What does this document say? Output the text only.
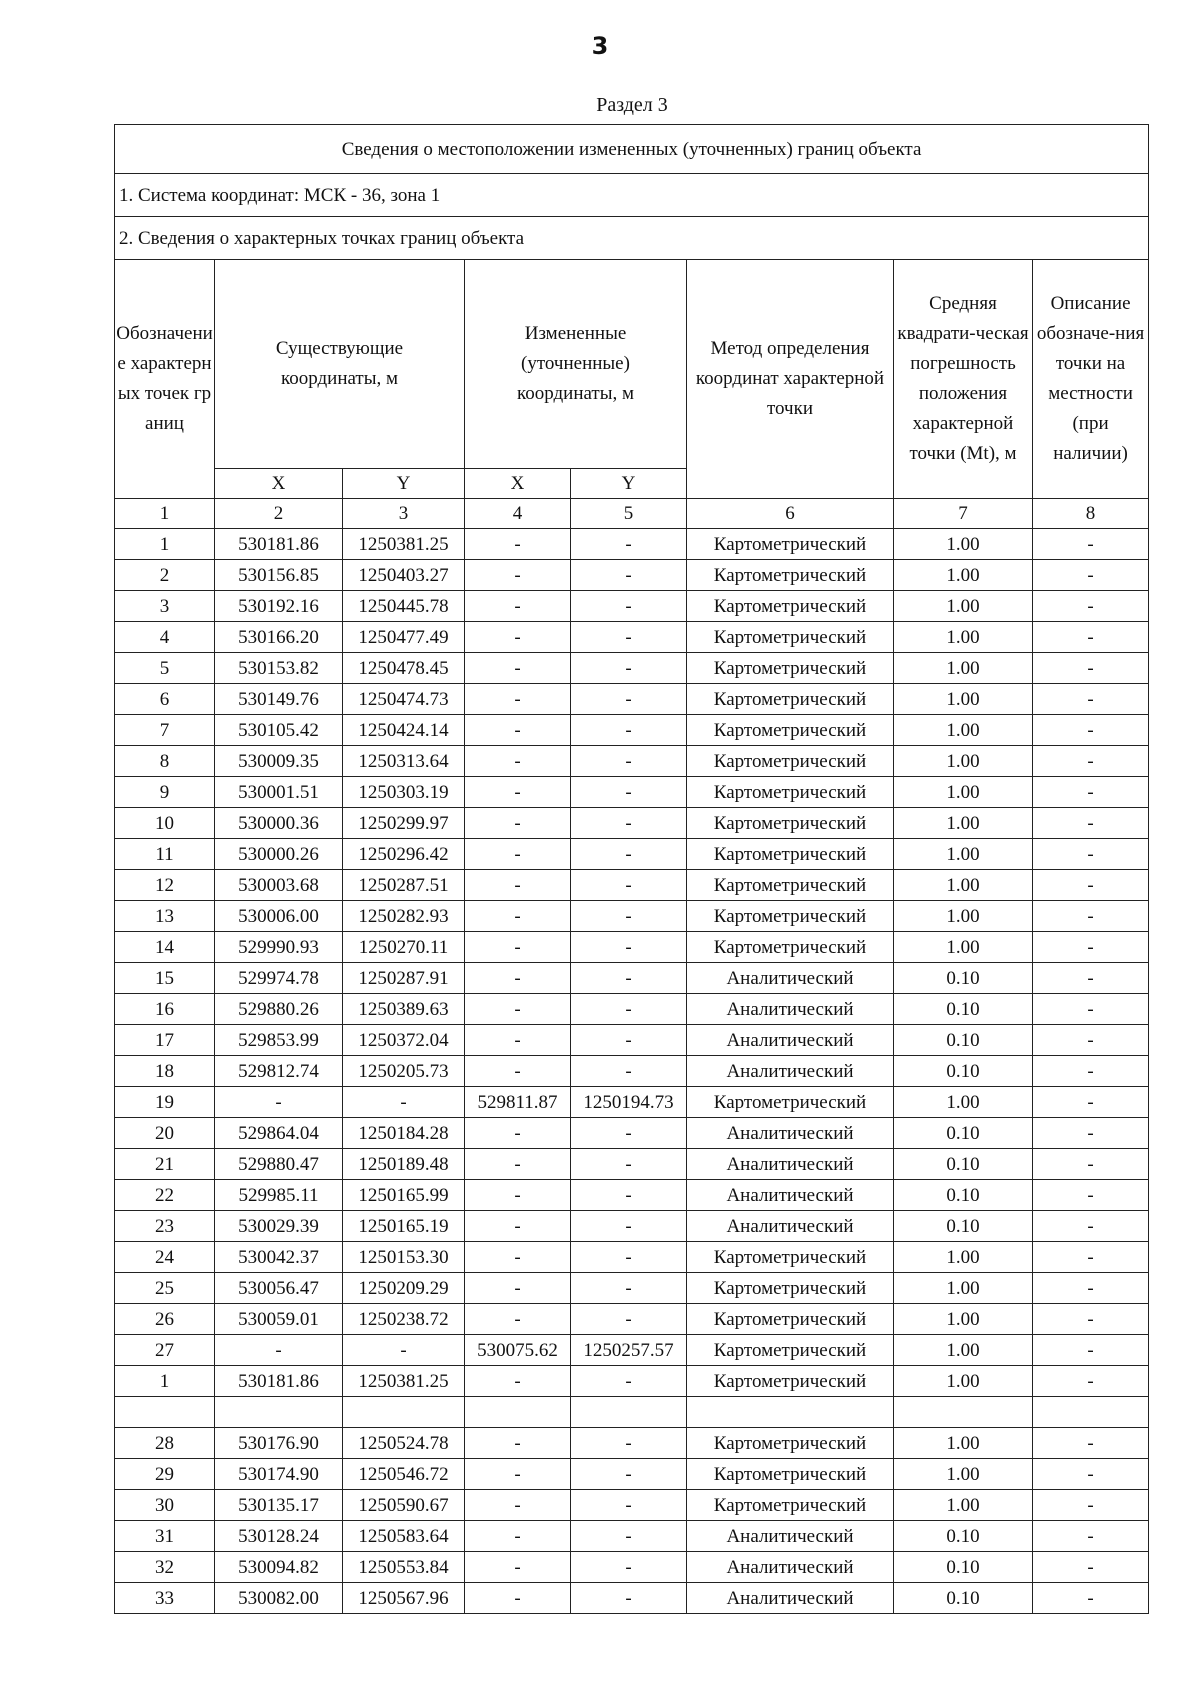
3
Раздел 3
Сведения о местоположении измененных (уточненных) границ объекта							
1. Система координат: МСК - 36, зона 1							
2. Сведения о характерных точках границ объекта							
Обозначение характерных точек границ	Существующие координаты, м		Измененные (уточненные) координаты, м		Метод определения координат характерной точки	Средняя квадрати-ческая погрешность положения характерной точки (Mt), м	Описание обозначе-ния точки на местности (при наличии)
	X	Y	X	Y			
1	2	3	4	5	6	7	8
1	530181.86	1250381.25	-	-	Картометрический	1.00	-
2	530156.85	1250403.27	-	-	Картометрический	1.00	-
3	530192.16	1250445.78	-	-	Картометрический	1.00	-
4	530166.20	1250477.49	-	-	Картометрический	1.00	-
5	530153.82	1250478.45	-	-	Картометрический	1.00	-
6	530149.76	1250474.73	-	-	Картометрический	1.00	-
7	530105.42	1250424.14	-	-	Картометрический	1.00	-
8	530009.35	1250313.64	-	-	Картометрический	1.00	-
9	530001.51	1250303.19	-	-	Картометрический	1.00	-
10	530000.36	1250299.97	-	-	Картометрический	1.00	-
11	530000.26	1250296.42	-	-	Картометрический	1.00	-
12	530003.68	1250287.51	-	-	Картометрический	1.00	-
13	530006.00	1250282.93	-	-	Картометрический	1.00	-
14	529990.93	1250270.11	-	-	Картометрический	1.00	-
15	529974.78	1250287.91	-	-	Аналитический	0.10	-
16	529880.26	1250389.63	-	-	Аналитический	0.10	-
17	529853.99	1250372.04	-	-	Аналитический	0.10	-
18	529812.74	1250205.73	-	-	Аналитический	0.10	-
19	-	-	529811.87	1250194.73	Картометрический	1.00	-
20	529864.04	1250184.28	-	-	Аналитический	0.10	-
21	529880.47	1250189.48	-	-	Аналитический	0.10	-
22	529985.11	1250165.99	-	-	Аналитический	0.10	-
23	530029.39	1250165.19	-	-	Аналитический	0.10	-
24	530042.37	1250153.30	-	-	Картометрический	1.00	-
25	530056.47	1250209.29	-	-	Картометрический	1.00	-
26	530059.01	1250238.72	-	-	Картометрический	1.00	-
27	-	-	530075.62	1250257.57	Картометрический	1.00	-
1	530181.86	1250381.25	-	-	Картометрический	1.00	-

28	530176.90	1250524.78	-	-	Картометрический	1.00	-
29	530174.90	1250546.72	-	-	Картометрический	1.00	-
30	530135.17	1250590.67	-	-	Картометрический	1.00	-
31	530128.24	1250583.64	-	-	Аналитический	0.10	-
32	530094.82	1250553.84	-	-	Аналитический	0.10	-
33	530082.00	1250567.96	-	-	Аналитический	0.10	-
